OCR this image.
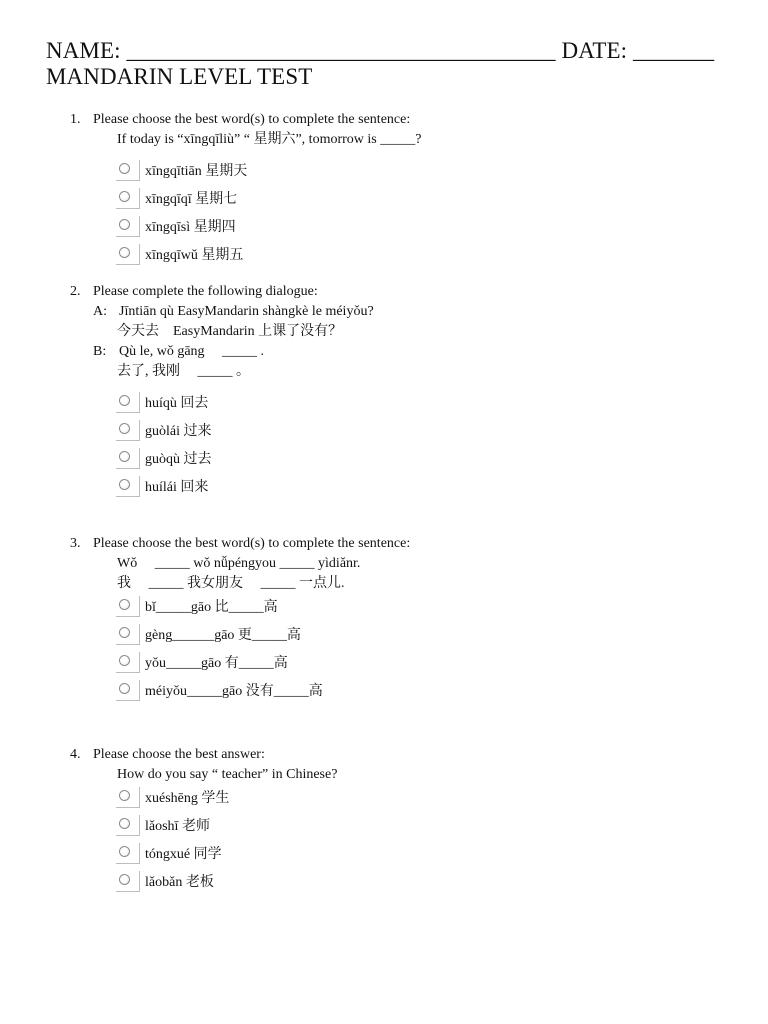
NAME: _____________________________________ DATE: _______
MANDARIN LEVEL TEST
1. Please choose the best word(s) to complete the sentence:
If today is “xīngqīliù” “ 星期六”, tomorrow is _____?
xīngqītiān 星期天
xīngqīqī 星期七
xīngqīsì 星期四
xīngqīwǔ 星期五
2. Please complete the following dialogue:
A: Jīntiān qù EasyMandarin shàngkè le méiyǒu?
今天去　EasyMandarin 上课了没有？
B: Qù le, wǒ gāng　 _____ .
去了, 我刚　 _____ 。
huíqù 回去
guòlái 过来
guòqù 过去
huílái 回来
3. Please choose the best word(s) to complete the sentence:
Wǒ　 _____ wǒ nǚpéngyou _____ yìdiǎnr.
我　 _____ 我女朋友　 _____ 一点儿.
bǐ_____gāo 比_____高
gèng______gāo 更_____高
yǒu_____gāo 有_____高
méiyǒu_____gāo 没有_____高
4. Please choose the best answer:
How do you say “ teacher” in Chinese?
xuéshēng 学生
lǎoshī 老师
tóngxué 同学
lǎobǎn 老板
